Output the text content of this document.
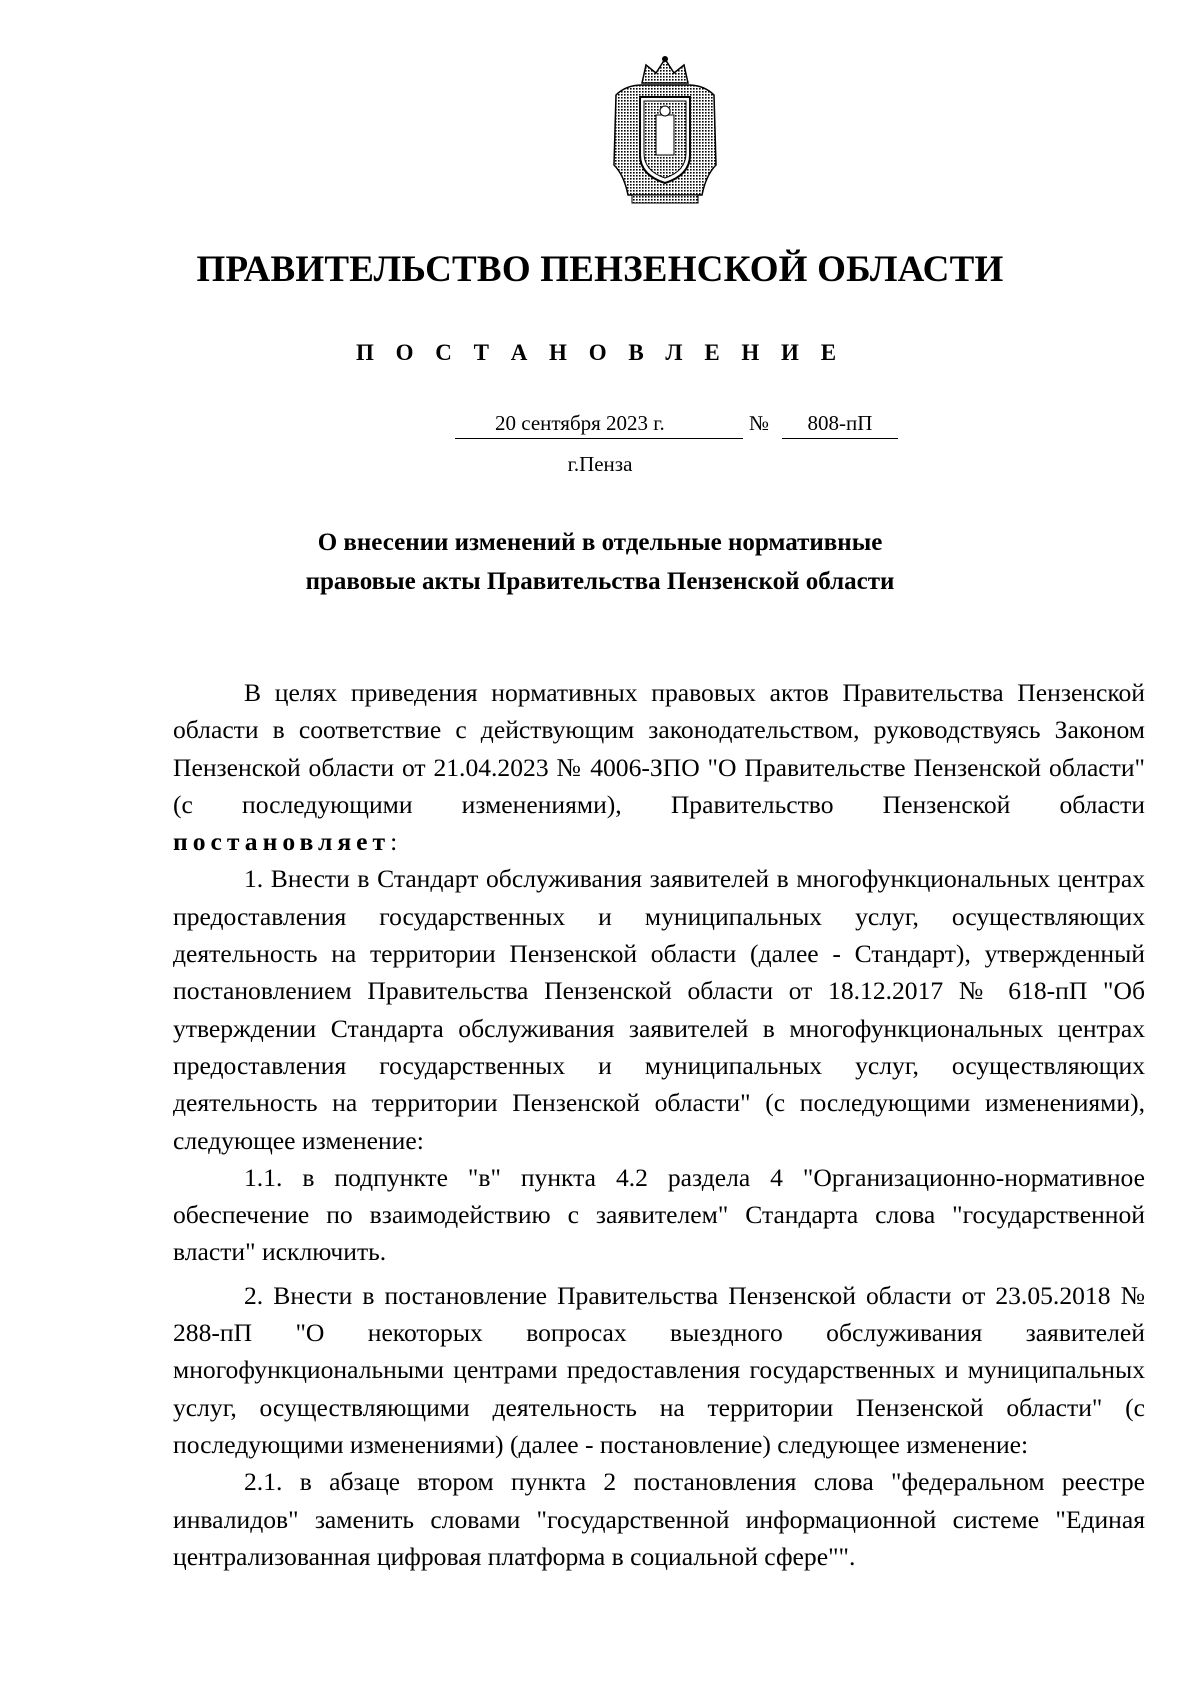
ПРАВИТЕЛЬСТВО ПЕНЗЕНСКОЙ ОБЛАСТИ
П О С Т А Н О В Л Е Н И Е
20 сентября 2023 г.	№	808-пП
г.Пенза
О внесении изменений в отдельные нормативные
правовые акты Правительства Пензенской области

В целях приведения нормативных правовых актов Правительства Пензенской области в соответствие с действующим законодательством, руководствуясь Законом Пензенской области от 21.04.2023 № 4006-ЗПО "О Правительстве Пензенской области" (с последующими изменениями), Правительство Пензенской области постановляет:

1. Внести в Стандарт обслуживания заявителей в многофункциональных центрах предоставления государственных и муниципальных услуг, осуществляющих деятельность на территории Пензенской области (далее - Стандарт), утвержденный постановлением Правительства Пензенской области от 18.12.2017 № 618-пП "Об утверждении Стандарта обслуживания заявителей в многофункциональных центрах предоставления государственных и муниципальных услуг, осуществляющих деятельность на территории Пензенской области" (с последующими изменениями), следующее изменение:

1.1. в подпункте "в" пункта 4.2 раздела 4 "Организационно-нормативное обеспечение по взаимодействию с заявителем" Стандарта слова "государственной власти" исключить.

2. Внести в постановление Правительства Пензенской области от 23.05.2018 № 288-пП "О некоторых вопросах выездного обслуживания заявителей многофункциональными центрами предоставления государственных и муниципальных услуг, осуществляющими деятельность на территории Пензенской области" (с последующими изменениями) (далее - постановление) следующее изменение:

2.1. в абзаце втором пункта 2 постановления слова "федеральном реестре инвалидов" заменить словами "государственной информационной системе "Единая централизованная цифровая платформа в социальной сфере"".
